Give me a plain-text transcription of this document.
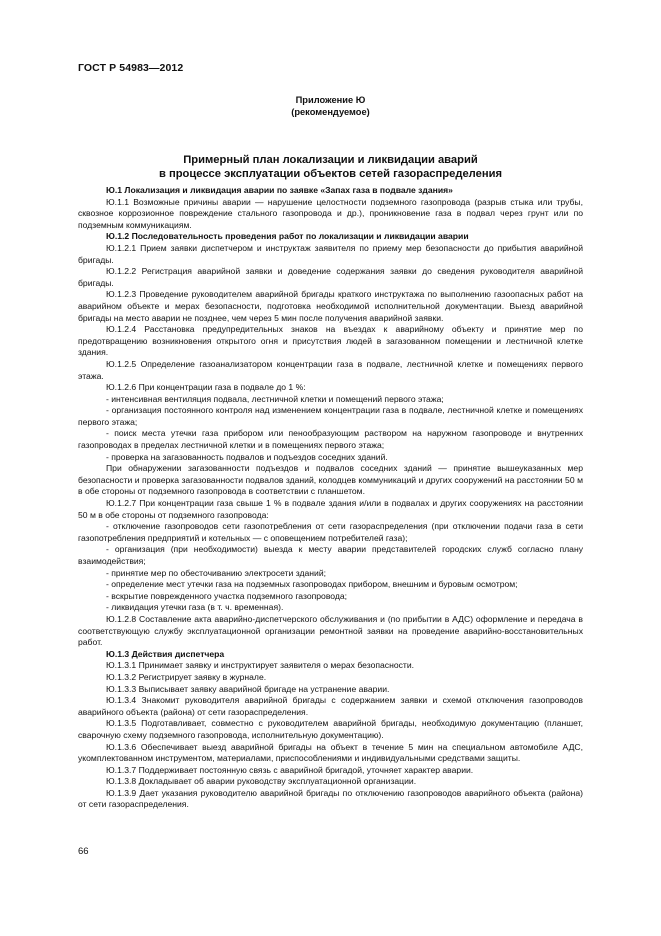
ГОСТ Р 54983—2012
Приложение Ю
(рекомендуемое)
Примерный план локализации и ликвидации аварий
в процессе эксплуатации объектов сетей газораспределения

Ю.1 Локализация и ликвидация аварии по заявке «Запах газа в подвале здания»

Ю.1.1 Возможные причины аварии — нарушение целостности подземного газопровода (разрыв стыка или трубы, сквозное коррозионное повреждение стального газопровода и др.), проникновение газа в подвал через грунт или по подземным коммуникациям.

Ю.1.2 Последовательность проведения работ по локализации и ликвидации аварии

Ю.1.2.1 Прием заявки диспетчером и инструктаж заявителя по приему мер безопасности до прибытия аварийной бригады.

Ю.1.2.2 Регистрация аварийной заявки и доведение содержания заявки до сведения руководителя аварийной бригады.

Ю.1.2.3 Проведение руководителем аварийной бригады краткого инструктажа по выполнению газоопасных работ на аварийном объекте и мерах безопасности, подготовка необходимой исполнительной документации. Выезд аварийной бригады на место аварии не позднее, чем через 5 мин после получения аварийной заявки.

Ю.1.2.4 Расстановка предупредительных знаков на въездах к аварийному объекту и принятие мер по предотвращению возникновения открытого огня и присутствия людей в загазованном помещении и лестничной клетке здания.

Ю.1.2.5 Определение газоанализатором концентрации газа в подвале, лестничной клетке и помещениях первого этажа.

Ю.1.2.6 При концентрации газа в подвале до 1 %:

- интенсивная вентиляция подвала, лестничной клетки и помещений первого этажа;

- организация постоянного контроля над изменением концентрации газа в подвале, лестничной клетке и помещениях первого этажа;

- поиск места утечки газа прибором или пенообразующим раствором на наружном газопроводе и внутренних газопроводах в пределах лестничной клетки и в помещениях первого этажа;

- проверка на загазованность подвалов и подъездов соседних зданий.

При обнаружении загазованности подъездов и подвалов соседних зданий — принятие вышеуказанных мер безопасности и проверка загазованности подвалов зданий, колодцев коммуникаций и других сооружений на расстоянии 50 м в обе стороны от подземного газопровода в соответствии с планшетом.

Ю.1.2.7 При концентрации газа свыше 1 % в подвале здания и/или в подвалах и других сооружениях на расстоянии 50 м в обе стороны от подземного газопровода:

- отключение газопроводов сети газопотребления от сети газораспределения (при отключении подачи газа в сети газопотребления предприятий и котельных — с оповещением потребителей газа);

- организация (при необходимости) выезда к месту аварии представителей городских служб согласно плану взаимодействия;

- принятие мер по обесточиванию электросети зданий;

- определение мест утечки газа на подземных газопроводах прибором, внешним и буровым осмотром;

- вскрытие поврежденного участка подземного газопровода;

- ликвидация утечки газа (в т. ч. временная).

Ю.1.2.8 Составление акта аварийно-диспетчерского обслуживания и (по прибытии в АДС) оформление и передача в соответствующую службу эксплуатационной организации ремонтной заявки на проведение аварийно-восстановительных работ.

Ю.1.3 Действия диспетчера

Ю.1.3.1 Принимает заявку и инструктирует заявителя о мерах безопасности.

Ю.1.3.2 Регистрирует заявку в журнале.

Ю.1.3.3 Выписывает заявку аварийной бригаде на устранение аварии.

Ю.1.3.4 Знакомит руководителя аварийной бригады с содержанием заявки и схемой отключения газопроводов аварийного объекта (района) от сети газораспределения.

Ю.1.3.5 Подготавливает, совместно с руководителем аварийной бригады, необходимую документацию (планшет, сварочную схему подземного газопровода, исполнительную документацию).

Ю.1.3.6 Обеспечивает выезд аварийной бригады на объект в течение 5 мин на специальном автомобиле АДС, укомплектованном инструментом, материалами, приспособлениями и индивидуальными средствами защиты.

Ю.1.3.7 Поддерживает постоянную связь с аварийной бригадой, уточняет характер аварии.

Ю.1.3.8 Докладывает об аварии руководству эксплуатационной организации.

Ю.1.3.9 Дает указания руководителю аварийной бригады по отключению газопроводов аварийного объекта (района) от сети газораспределения.

66
